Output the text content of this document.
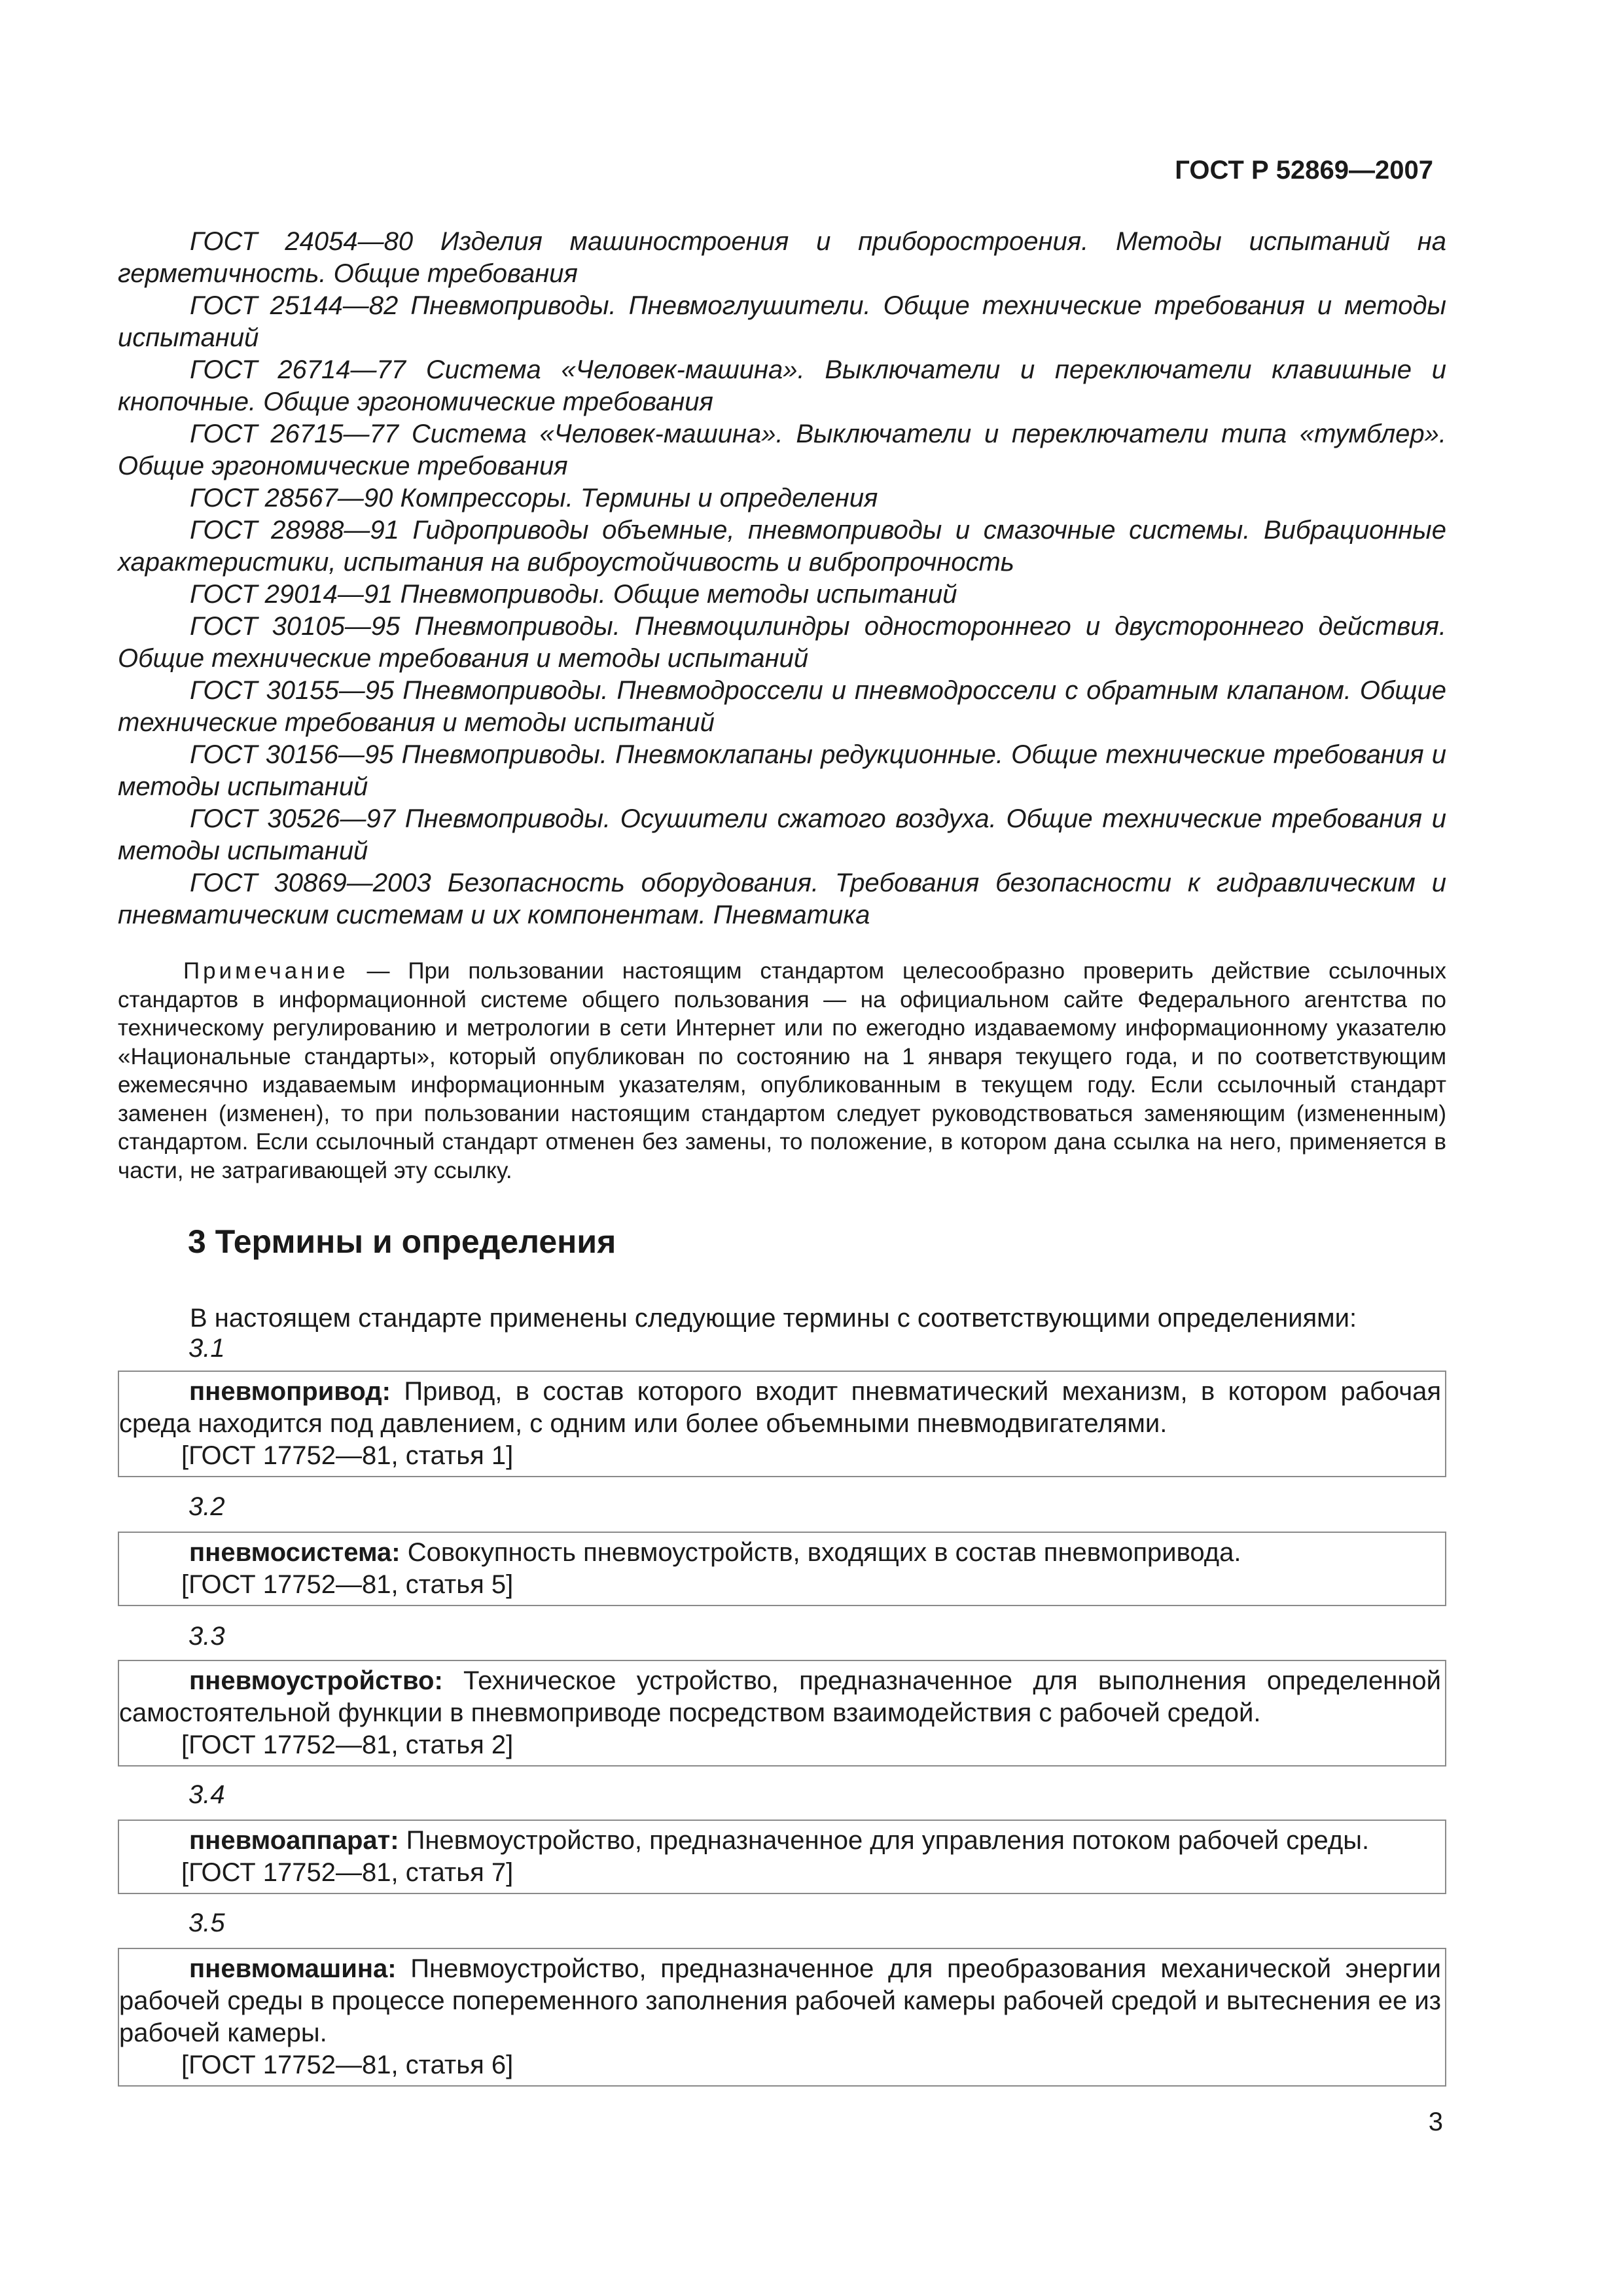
ГОСТ Р 52869—2007

ГОСТ 24054—80 Изделия машиностроения и приборостроения. Методы испытаний на герметичность. Общие требования

ГОСТ 25144—82 Пневмоприводы. Пневмоглушители. Общие технические требования и методы испытаний

ГОСТ 26714—77 Система «Человек-машина». Выключатели и переключатели клавишные и кнопочные. Общие эргономические требования

ГОСТ 26715—77 Система «Человек-машина». Выключатели и переключатели типа «тумблер». Общие эргономические требования

ГОСТ 28567—90 Компрессоры. Термины и определения

ГОСТ 28988—91 Гидроприводы объемные, пневмоприводы и смазочные системы. Вибрационные характеристики, испытания на виброустойчивость и вибропрочность

ГОСТ 29014—91 Пневмоприводы. Общие методы испытаний

ГОСТ 30105—95 Пневмоприводы. Пневмоцилиндры одностороннего и двустороннего действия. Общие технические требования и методы испытаний

ГОСТ 30155—95 Пневмоприводы. Пневмодроссели и пневмодроссели с обратным клапаном. Общие технические требования и методы испытаний

ГОСТ 30156—95 Пневмоприводы. Пневмоклапаны редукционные. Общие технические требования и методы испытаний

ГОСТ 30526—97 Пневмоприводы. Осушители сжатого воздуха. Общие технические требования и методы испытаний

ГОСТ 30869—2003 Безопасность оборудования. Требования безопасности к гидравлическим и пневматическим системам и их компонентам. Пневматика

Примечание — При пользовании настоящим стандартом целесообразно проверить действие ссылочных стандартов в информационной системе общего пользования — на официальном сайте Федерального агентства по техническому регулированию и метрологии в сети Интернет или по ежегодно издаваемому информационному указателю «Национальные стандарты», который опубликован по состоянию на 1 января текущего года, и по соответствующим ежемесячно издаваемым информационным указателям, опубликованным в текущем году. Если ссылочный стандарт заменен (изменен), то при пользовании настоящим стандартом следует руководствоваться заменяющим (измененным) стандартом. Если ссылочный стандарт отменен без замены, то положение, в котором дана ссылка на него, применяется в части, не затрагивающей эту ссылку.

3 Термины и определения

В настоящем стандарте применены следующие термины с соответствующими определениями:

3.1

пневмопривод: Привод, в состав которого входит пневматический механизм, в котором рабочая среда находится под давлением, с одним или более объемными пневмодвигателями.

[ГОСТ 17752—81, статья 1]

3.2

пневмосистема: Совокупность пневмоустройств, входящих в состав пневмопривода.

[ГОСТ 17752—81, статья 5]

3.3

пневмоустройство: Техническое устройство, предназначенное для выполнения определенной самостоятельной функции в пневмоприводе посредством взаимодействия с рабочей средой.

[ГОСТ 17752—81, статья 2]

3.4

пневмоаппарат: Пневмоустройство, предназначенное для управления потоком рабочей среды.

[ГОСТ 17752—81, статья 7]

3.5

пневмомашина: Пневмоустройство, предназначенное для преобразования механической энергии рабочей среды в процессе попеременного заполнения рабочей камеры рабочей средой и вытеснения ее из рабочей камеры.

[ГОСТ 17752—81, статья 6]

3
